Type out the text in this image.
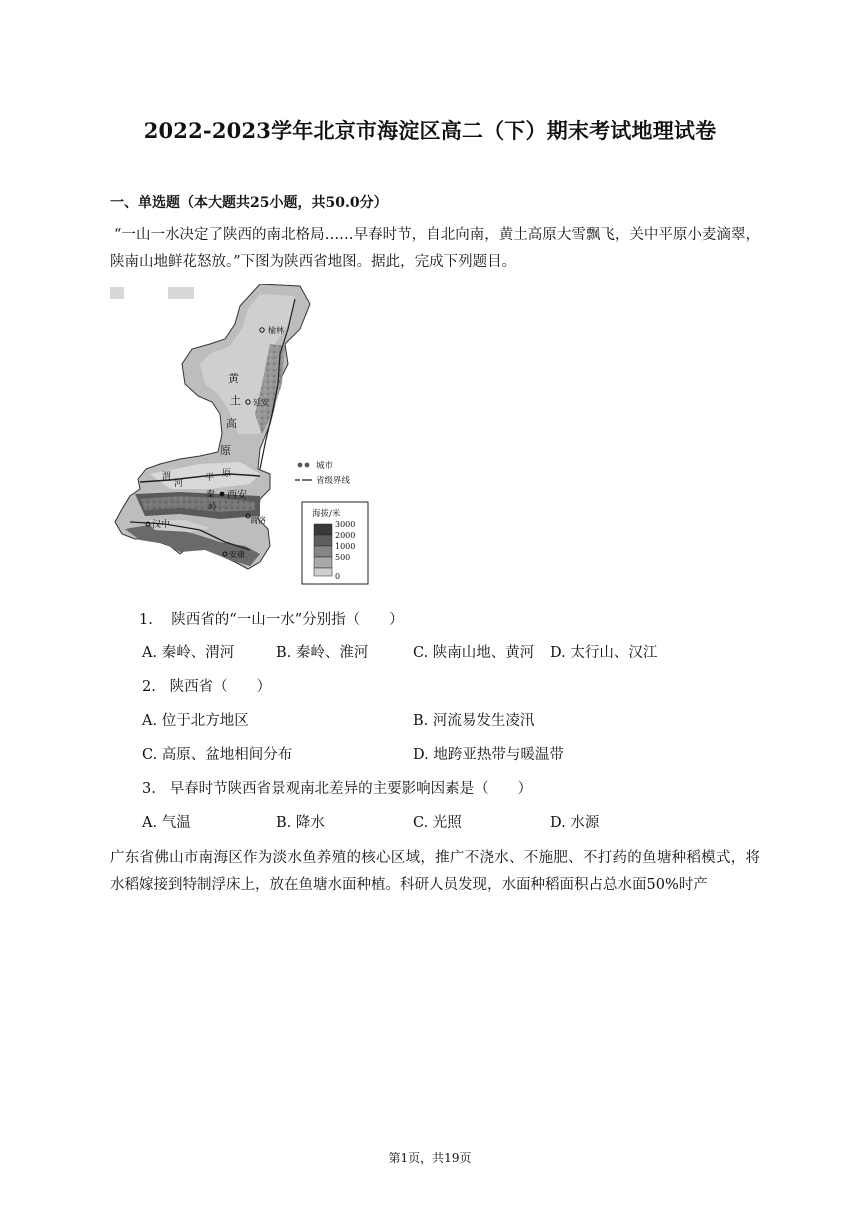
2022-2023学年北京市海淀区高二（下）期末考试地理试卷
一、单选题（本大题共25小题，共50.0分）
“一山一水决定了陕西的南北格局……早春时节，自北向南，黄土高原大雪飘飞，关中平原小麦滴翠，陕南山地鲜花怒放。”下图为陕西省地图。据此，完成下列题目。
榆林
黄
土 延安
高
原
平 原
渭
河
西安
秦
岭
商洛
汉中
安康
城市
省级界线
海拔/米
3000
2000
1000
500
0
1. 陕西省的“一山一水”分别指（　　）
A. 秦岭、渭河	B. 秦岭、淮河	C. 陕南山地、黄河 D. 太行山、汉江
2. 陕西省（　　）
A. 位于北方地区	B. 河流易发生凌汛
C. 高原、盆地相间分布	D. 地跨亚热带与暖温带
3. 早春时节陕西省景观南北差异的主要影响因素是（　　）
A. 气温	B. 降水	C. 光照	D. 水源
广东省佛山市南海区作为淡水鱼养殖的核心区域，推广不浇水、不施肥、不打药的鱼塘种稻模式，将水稻嫁接到特制浮床上，放在鱼塘水面种植。科研人员发现，水面种稻面积占总水面50%时产
第1页，共19页
